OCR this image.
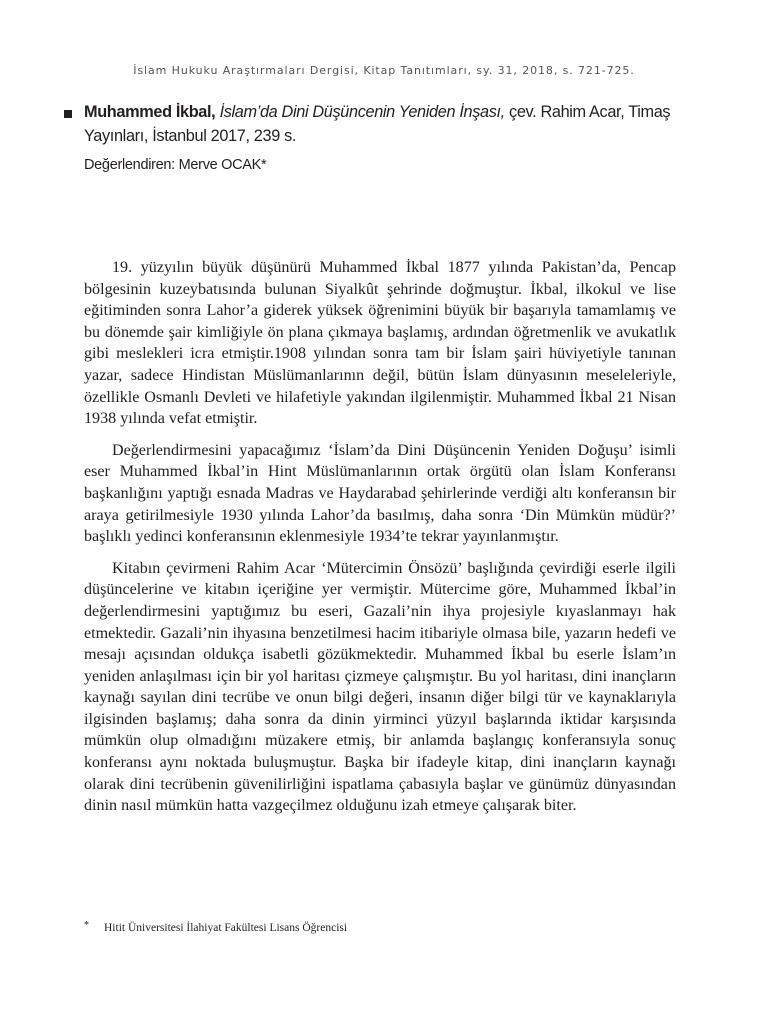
İslam Hukuku Araştırmaları Dergisi, Kitap Tanıtımları, sy. 31, 2018, s. 721-725.
Muhammed İkbal, İslam’da Dini Düşüncenin Yeniden İnşası, çev. Rahim Acar, Timaş Yayınları, İstanbul 2017, 239 s.
Değerlendiren: Merve OCAK*

19. yüzyılın büyük düşünürü Muhammed İkbal 1877 yılında Pakistan’da, Pencap bölgesinin kuzeybatısında bulunan Siyalkût şehrinde doğmuştur. İkbal, ilkokul ve lise eğitiminden sonra Lahor’a giderek yüksek öğrenimini büyük bir başarıyla tamamlamış ve bu dönemde şair kimliğiyle ön plana çıkmaya başlamış, ardından öğretmenlik ve avukatlık gibi meslekleri icra etmiştir.1908 yılından sonra tam bir İslam şairi hüviyetiyle tanınan yazar, sadece Hindistan Müslümanlarının değil, bütün İslam dünyasının meseleleriyle, özellikle Osmanlı Devleti ve hilafetiyle yakından ilgilenmiştir. Muhammed İkbal 21 Nisan 1938 yılında vefat etmiştir.

Değerlendirmesini yapacağımız ‘İslam’da Dini Düşüncenin Yeniden Doğuşu’ isimli eser Muhammed İkbal’in Hint Müslümanlarının ortak örgütü olan İslam Konferansı başkanlığını yaptığı esnada Madras ve Haydarabad şehirlerinde verdiği altı konferansın bir araya getirilmesiyle 1930 yılında Lahor’da basılmış, daha sonra ‘Din Mümkün müdür?’ başlıklı yedinci konferansının eklenmesiyle 1934’te tekrar yayınlanmıştır.

Kitabın çevirmeni Rahim Acar ‘Mütercimin Önsözü’ başlığında çevirdiği eserle ilgili düşüncelerine ve kitabın içeriğine yer vermiştir. Mütercime göre, Muhammed İkbal’in değerlendirmesini yaptığımız bu eseri, Gazali’nin ihya projesiyle kıyaslanmayı hak etmektedir. Gazali’nin ihyasına benzetilmesi hacim itibariyle olmasa bile, yazarın hedefi ve mesajı açısından oldukça isabetli gözükmektedir. Muhammed İkbal bu eserle İslam’ın yeniden anlaşılması için bir yol haritası çizmeye çalışmıştır. Bu yol haritası, dini inançların kaynağı sayılan dini tecrübe ve onun bilgi değeri, insanın diğer bilgi tür ve kaynaklarıyla ilgisinden başlamış; daha sonra da dinin yirminci yüzyıl başlarında iktidar karşısında mümkün olup olmadığını müzakere etmiş, bir anlamda başlangıç konferansıyla sonuç konferansı aynı noktada buluşmuştur. Başka bir ifadeyle kitap, dini inançların kaynağı olarak dini tecrübenin güvenilirliğini ispatlama çabasıyla başlar ve günümüz dünyasından dinin nasıl mümkün hatta vazgeçilmez olduğunu izah etmeye çalışarak biter.

* Hitit Üniversitesi İlahiyat Fakültesi Lisans Öğrencisi
